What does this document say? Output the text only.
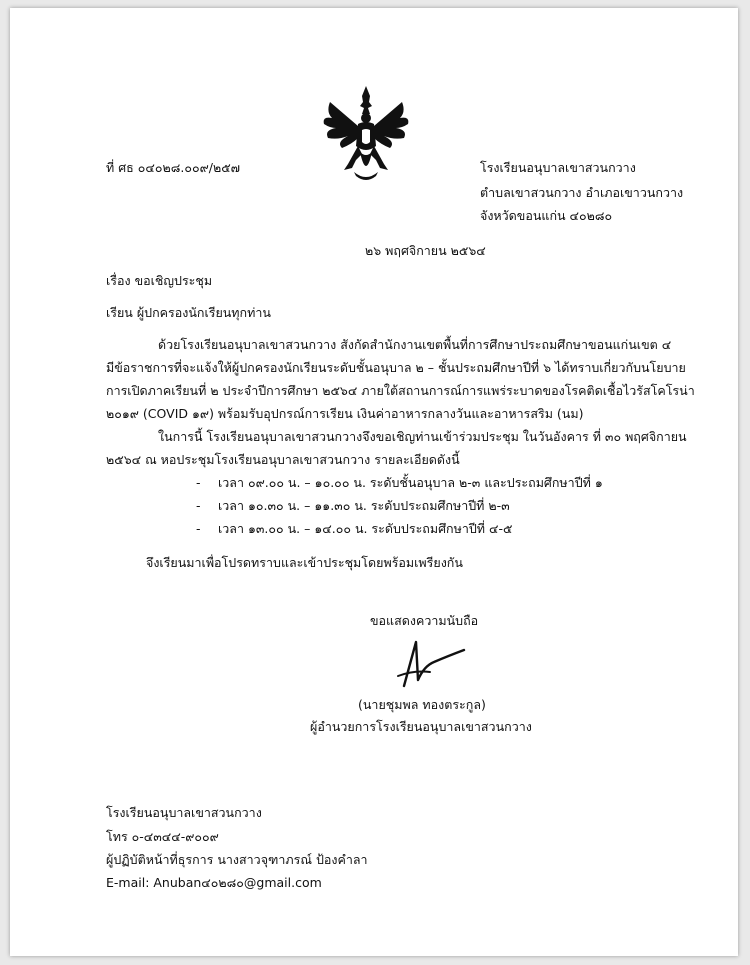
ที่ ศธ ๐๔๐๒๘.๐๐๙/๒๕๗	โรงเรียนอนุบาลเขาสวนกวาง
ตำบลเขาสวนกวาง อำเภอเขาวนกวาง
จังหวัดขอนแก่น ๔๐๒๘๐
๒๖ พฤศจิกายน ๒๕๖๔
เรื่อง ขอเชิญประชุม
เรียน ผู้ปกครองนักเรียนทุกท่าน
ด้วยโรงเรียนอนุบาลเขาสวนกวาง สังกัดสำนักงานเขตพื้นที่การศึกษาประถมศึกษาขอนแก่นเขต ๔
มีข้อราชการที่จะแจ้งให้ผู้ปกครองนักเรียนระดับชั้นอนุบาล ๒ – ชั้นประถมศึกษาปีที่ ๖ ได้ทราบเกี่ยวกับนโยบาย
การเปิดภาคเรียนที่ ๒ ประจำปีการศึกษา ๒๕๖๔ ภายใต้สถานการณ์การแพร่ระบาดของโรคติดเชื้อไวรัสโคโรน่า
๒๐๑๙ (COVID ๑๙) พร้อมรับอุปกรณ์การเรียน เงินค่าอาหารกลางวันและอาหารสริม (นม)
ในการนี้ โรงเรียนอนุบาลเขาสวนกวางจึงขอเชิญท่านเข้าร่วมประชุม ในวันอังคาร ที่ ๓๐ พฤศจิกายน
๒๕๖๔ ณ หอประชุมโรงเรียนอนุบาลเขาสวนกวาง รายละเอียดดังนี้
- เวลา ๐๙.๐๐ น. – ๑๐.๐๐ น. ระดับชั้นอนุบาล ๒-๓ และประถมศึกษาปีที่ ๑
- เวลา ๑๐.๓๐ น. – ๑๑.๓๐ น. ระดับประถมศึกษาปีที่ ๒-๓
- เวลา ๑๓.๐๐ น. – ๑๔.๐๐ น. ระดับประถมศึกษาปีที่ ๔-๕
จึงเรียนมาเพื่อโปรดทราบและเข้าประชุมโดยพร้อมเพรียงกัน
ขอแสดงความนับถือ
(นายชุมพล ทองตระกูล)
ผู้อำนวยการโรงเรียนอนุบาลเขาสวนกวาง
โรงเรียนอนุบาลเขาสวนกวาง
โทร ๐-๔๓๔๔-๙๐๐๙
ผู้ปฏิบัติหน้าที่ธุรการ นางสาวจุฑาภรณ์ ป้องคำลา
E-mail: Anuban๔๐๒๘๐@gmail.com
